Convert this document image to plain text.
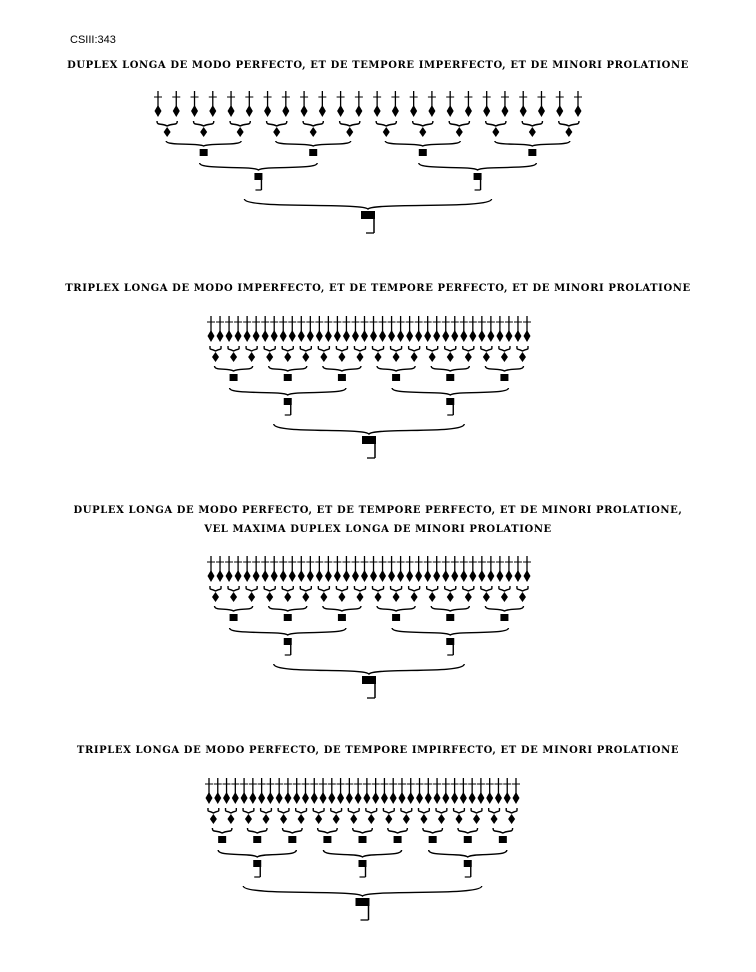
CSIII:343
DUPLEX LONGA DE MODO PERFECTO, ET DE TEMPORE IMPERFECTO, ET DE MINORI PROLATIONE
TRIPLEX LONGA DE MODO IMPERFECTO, ET DE TEMPORE PERFECTO, ET DE MINORI PROLATIONE
DUPLEX LONGA DE MODO PERFECTO, ET DE TEMPORE PERFECTO, ET DE MINORI PROLATIONE,
VEL MAXIMA DUPLEX LONGA DE MINORI PROLATIONE
TRIPLEX LONGA DE MODO PERFECTO, DE TEMPORE IMPIRFECTO, ET DE MINORI PROLATIONE
